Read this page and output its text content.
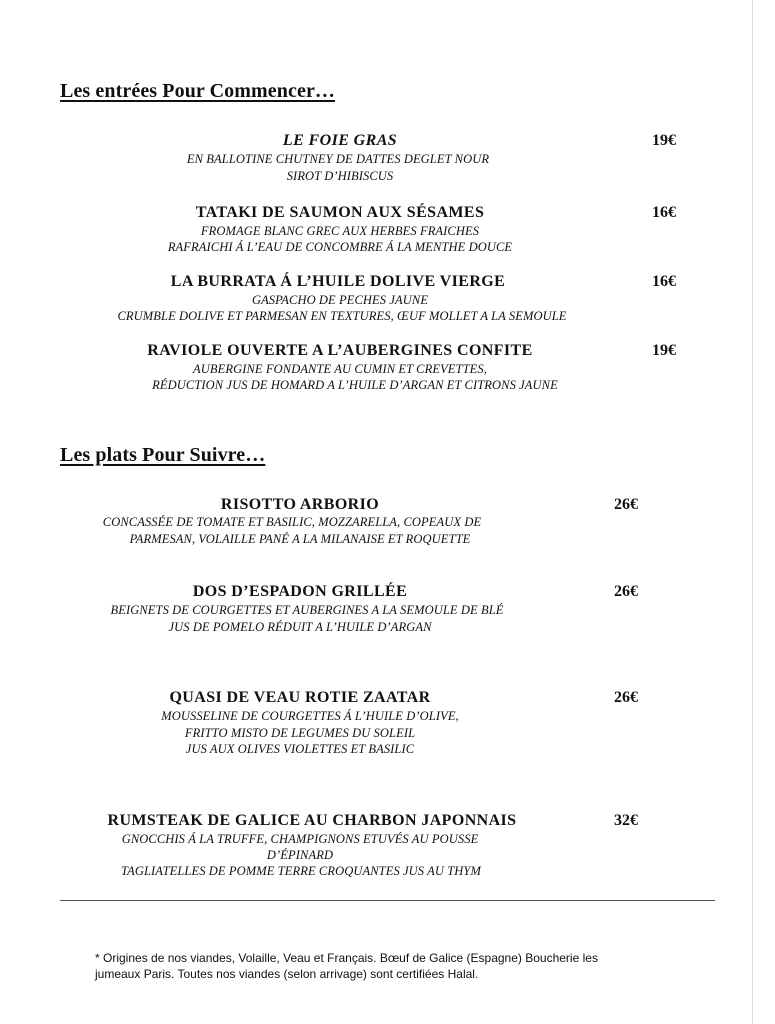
Les entrées Pour Commencer…
LE FOIE GRAS	19€
EN BALLOTINE CHUTNEY DE DATTES DEGLET NOUR
SIROT D’HIBISCUS
TATAKI DE SAUMON AUX SÉSAMES	16€
FROMAGE BLANC GREC AUX HERBES FRAICHES
RAFRAICHI Á L’EAU DE CONCOMBRE Á LA MENTHE DOUCE
LA BURRATA Á L’HUILE DOLIVE VIERGE	16€
GASPACHO DE PECHES JAUNE
CRUMBLE DOLIVE ET PARMESAN EN TEXTURES, ŒUF MOLLET A LA SEMOULE
RAVIOLE OUVERTE A L’AUBERGINES CONFITE	19€
AUBERGINE FONDANTE AU CUMIN ET CREVETTES,
RÉDUCTION JUS DE HOMARD A L’HUILE D’ARGAN ET CITRONS JAUNE
Les plats Pour Suivre…
RISOTTO ARBORIO	26€
CONCASSÉE DE TOMATE ET BASILIC, MOZZARELLA, COPEAUX DE
PARMESAN, VOLAILLE PANÉ A LA MILANAISE ET ROQUETTE
DOS D’ESPADON GRILLÉE	26€
BEIGNETS DE COURGETTES ET AUBERGINES A LA SEMOULE DE BLÉ
JUS DE POMELO RÉDUIT A L’HUILE D’ARGAN
QUASI DE VEAU ROTIE ZAATAR	26€
MOUSSELINE DE COURGETTES Á L’HUILE D’OLIVE,
FRITTO MISTO DE LEGUMES DU SOLEIL
JUS AUX OLIVES VIOLETTES ET BASILIC
RUMSTEAK DE GALICE AU CHARBON JAPONNAIS	32€
GNOCCHIS Á LA TRUFFE, CHAMPIGNONS ETUVÉS AU POUSSE
D’ÉPINARD
TAGLIATELLES DE POMME TERRE CROQUANTES JUS AU THYM
* Origines de nos viandes, Volaille, Veau et Français. Bœuf de Galice (Espagne) Boucherie les
jumeaux Paris. Toutes nos viandes (selon arrivage) sont certifiées Halal.
